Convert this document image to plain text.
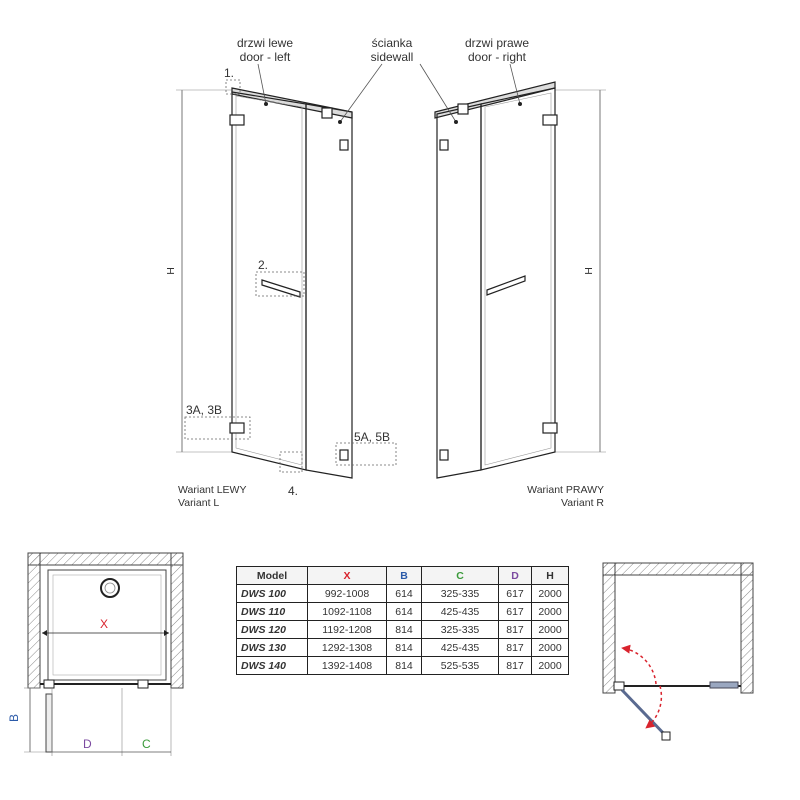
drzwi lewe
door - left
ścianka
sidewall
drzwi prawe
door - right
1.
2.
3A, 3B
4.
5A, 5B
H	H
Wariant LEWY
Variant L
Wariant PRAWY
Variant R
X
B
D	C
Model	X	B	C	D	H
DWS 100	992-1008	614	325-335	617	2000
DWS 110	1092-1108	614	425-435	617	2000
DWS 120	1192-1208	814	325-335	817	2000
DWS 130	1292-1308	814	425-435	817	2000
DWS 140	1392-1408	814	525-535	817	2000
